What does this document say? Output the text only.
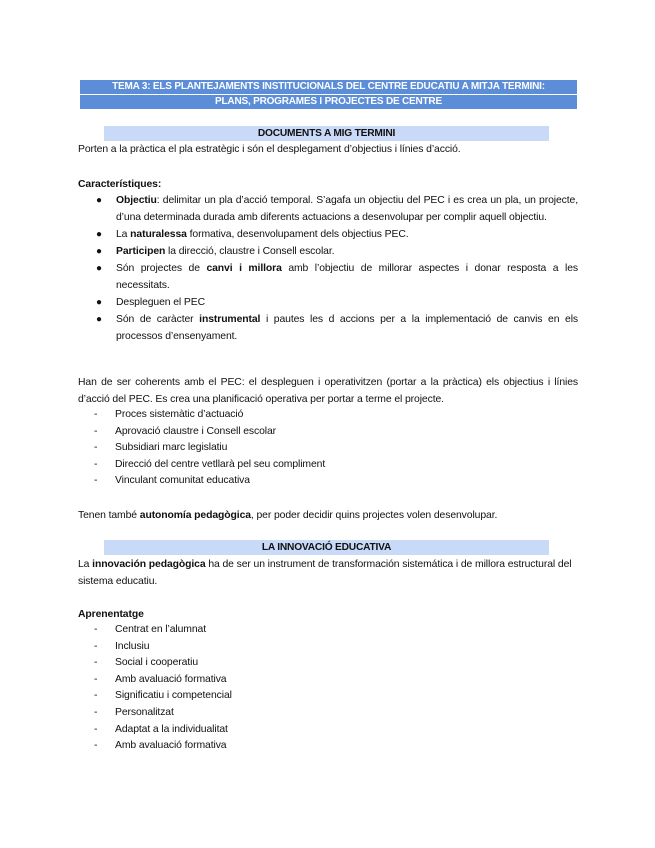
TEMA 3: ELS PLANTEJAMENTS INSTITUCIONALS DEL CENTRE EDUCATIU A MITJA TERMINI:
PLANS, PROGRAMES I PROJECTES DE CENTRE
DOCUMENTS A MIG TERMINI
Porten a la pràctica el pla estratègic i són el desplegament d’objectius i línies d’acció.
Característiques:
● Objectiu: delimitar un pla d’acció temporal. S’agafa un objectiu del PEC i es crea un pla, un projecte, d’una determinada durada amb diferents actuacions a desenvolupar per complir aquell objectiu.
● La naturalessa formativa, desenvolupament dels objectius PEC.
● Participen la direcció, claustre i Consell escolar.
● Són projectes de canvi i millora amb l’objectiu de millorar aspectes i donar resposta a les necessitats.
● Despleguen el PEC
● Són de caràcter instrumental i pautes les d accions per a la implementació de canvis en els processos d’ensenyament.
Han de ser coherents amb el PEC: el despleguen i operativitzen (portar a la pràctica) els objectius i línies d’acció del PEC. Es crea una planificació operativa per portar a terme el projecte.
- Proces sistemàtic d’actuació
- Aprovació claustre i Consell escolar
- Subsidiari marc legislatiu
- Direcció del centre vetllarà pel seu compliment
- Vinculant comunitat educativa
Tenen també autonomía pedagògica, per poder decidir quins projectes volen desenvolupar.
LA INNOVACIÓ EDUCATIVA
La innovación pedagògica ha de ser un instrument de transformación sistemática i de millora estructural del sistema educatiu.
Aprenentatge
- Centrat en l’alumnat
- Inclusiu
- Social i cooperatiu
- Amb avaluació formativa
- Significatiu i competencial
- Personalitzat
- Adaptat a la individualitat
- Amb avaluació formativa
